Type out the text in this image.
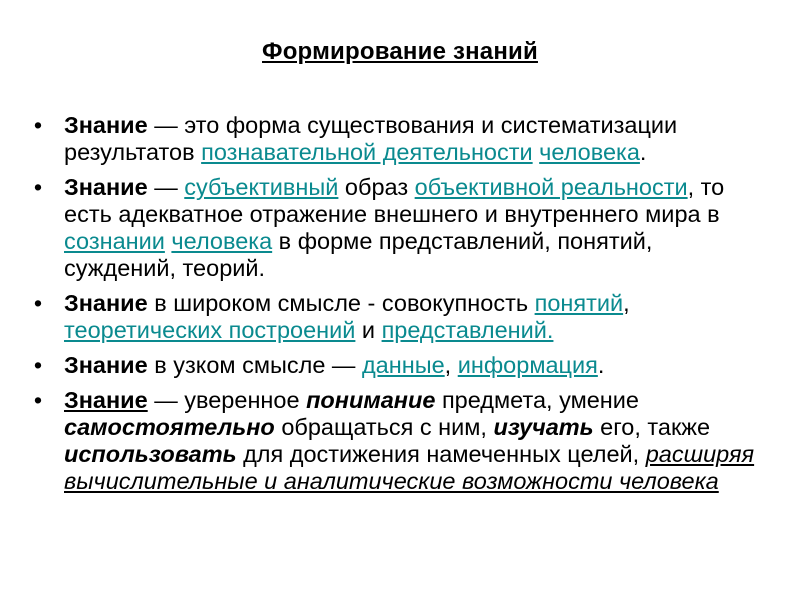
Формирование знаний
• Знание — это форма существования и систематизации результатов познавательной деятельности человека.
• Знание — субъективный образ объективной реальности, то есть адекватное отражение внешнего и внутреннего мира в сознании человека в форме представлений, понятий, суждений, теорий.
• Знание в широком смысле - совокупность понятий, теоретических построений и представлений.
• Знание в узком смысле — данные, информация.
• Знание — уверенное понимание предмета, умение самостоятельно обращаться с ним, изучать его, также использовать для достижения намеченных целей, расширяя вычислительные и аналитические возможности человека
